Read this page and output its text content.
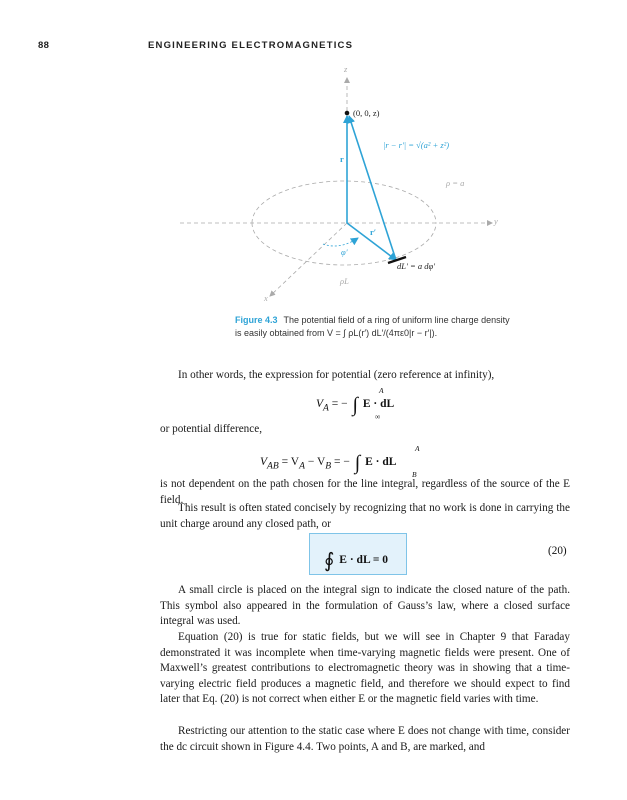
88	ENGINEERING ELECTROMAGNETICS
z
(0, 0, z)
|r − r′| = √(a² + z²)
r
ρ = a
y
r′
φ′
dL′ = a dφ′
ρL
x
Figure 4.3 The potential field of a ring of uniform line charge density is easily obtained from V = ∫ ρL(r′) dL′/(4πε0|r − r′|).

In other words, the expression for potential (zero reference at infinity),

$V_A$ = − ∫
A
∞
E · dL

or potential difference,

$V_{AB} = V_A - V_B$ = − ∫
A
B
E · dL

is not dependent on the path chosen for the line integral, regardless of the source of the E field.

This result is often stated concisely by recognizing that no work is done in carrying the unit charge around any closed path, or

∮ E · dL = 0
(20)

A small circle is placed on the integral sign to indicate the closed nature of the path. This symbol also appeared in the formulation of Gauss’s law, where a closed surface integral was used.

Equation (20) is true for static fields, but we will see in Chapter 9 that Faraday demonstrated it was incomplete when time-varying magnetic fields were present. One of Maxwell’s greatest contributions to electromagnetic theory was in showing that a time-varying electric field produces a magnetic field, and therefore we should expect to find later that Eq. (20) is not correct when either E or the magnetic field varies with time.

Restricting our attention to the static case where E does not change with time, consider the dc circuit shown in Figure 4.4. Two points, A and B, are marked, and
